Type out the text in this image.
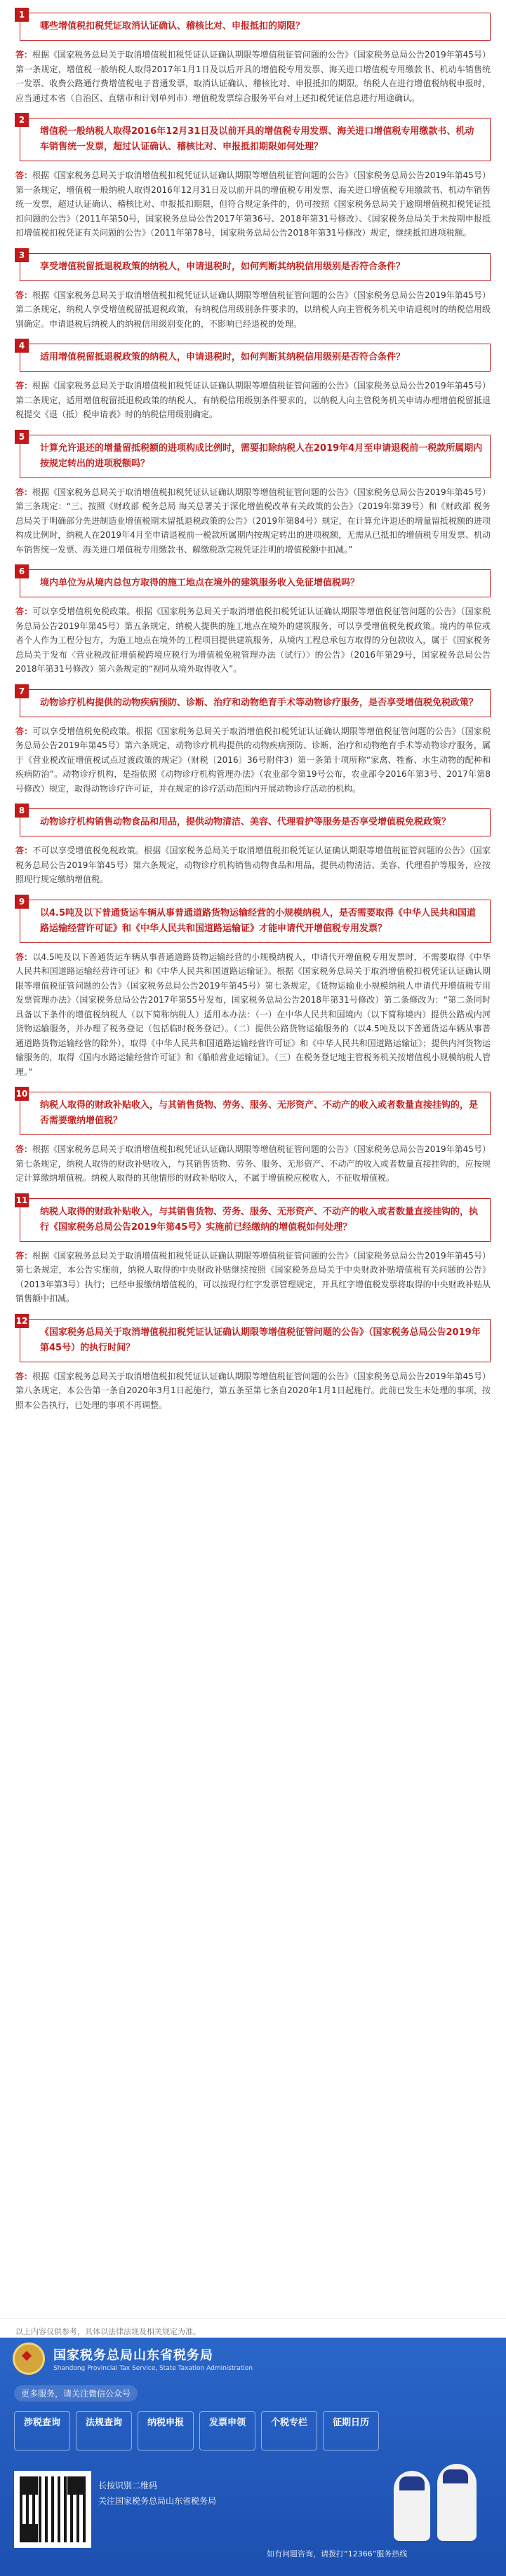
1
哪些增值税扣税凭证取消认证确认、稽核比对、申报抵扣的期限？

答：根据《国家税务总局关于取消增值税扣税凭证认证确认期限等增值税征管问题的公告》（国家税务总局公告2019年第45号）第一条规定，增值税一般纳税人取得2017年1月1日及以后开具的增值税专用发票、海关进口增值税专用缴款书、机动车销售统一发票、收费公路通行费增值税电子普通发票，取消认证确认、稽核比对、申报抵扣的期限。纳税人在进行增值税纳税申报时，应当通过本省（自治区、直辖市和计划单列市）增值税发票综合服务平台对上述扣税凭证信息进行用途确认。

2
增值税一般纳税人取得2016年12月31日及以前开具的增值税专用发票、海关进口增值税专用缴款书、机动车销售统一发票，超过认证确认、稽核比对、申报抵扣期限如何处理？

答：根据《国家税务总局关于取消增值税扣税凭证认证确认期限等增值税征管问题的公告》（国家税务总局公告2019年第45号）第一条规定，增值税一般纳税人取得2016年12月31日及以前开具的增值税专用发票、海关进口增值税专用缴款书、机动车销售统一发票，超过认证确认、稽核比对、申报抵扣期限，但符合规定条件的，仍可按照《国家税务总局关于逾期增值税扣税凭证抵扣问题的公告》（2011年第50号，国家税务总局公告2017年第36号、2018年第31号修改）、《国家税务总局关于未按期申报抵扣增值税扣税凭证有关问题的公告》（2011年第78号，国家税务总局公告2018年第31号修改）规定，继续抵扣进项税额。

3
享受增值税留抵退税政策的纳税人，申请退税时，如何判断其纳税信用级别是否符合条件？

答：根据《国家税务总局关于取消增值税扣税凭证认证确认期限等增值税征管问题的公告》（国家税务总局公告2019年第45号）第二条规定，纳税人享受增值税留抵退税政策，有纳税信用级别条件要求的，以纳税人向主管税务机关申请退税时的纳税信用级别确定。申请退税后纳税人的纳税信用级别变化的，不影响已经退税的处理。

4
适用增值税留抵退税政策的纳税人，申请退税时，如何判断其纳税信用级别是否符合条件？

答：根据《国家税务总局关于取消增值税扣税凭证认证确认期限等增值税征管问题的公告》（国家税务总局公告2019年第45号）第二条规定，适用增值税留抵退税政策的纳税人，有纳税信用级别条件要求的，以纳税人向主管税务机关申请办理增值税留抵退税提交《退（抵）税申请表》时的纳税信用级别确定。

5
计算允许退还的增量留抵税额的进项构成比例时，需要扣除纳税人在2019年4月至申请退税前一税款所属期内按规定转出的进项税额吗？

答：根据《国家税务总局关于取消增值税扣税凭证认证确认期限等增值税征管问题的公告》（国家税务总局公告2019年第45号）第三条规定：“三、按照《财政部 税务总局 海关总署关于深化增值税改革有关政策的公告》（2019年第39号）和《财政部 税务总局关于明确部分先进制造业增值税期末留抵退税政策的公告》（2019年第84号）规定，在计算允许退还的增量留抵税额的进项构成比例时，纳税人在2019年4月至申请退税前一税款所属期内按规定转出的进项税额，无需从已抵扣的增值税专用发票、机动车销售统一发票、海关进口增值税专用缴款书、解缴税款完税凭证注明的增值税额中扣减。”

6
境内单位为从境内总包方取得的施工地点在境外的建筑服务收入免征增值税吗？

答：可以享受增值税免税政策。根据《国家税务总局关于取消增值税扣税凭证认证确认期限等增值税征管问题的公告》（国家税务总局公告2019年第45号）第五条规定，纳税人提供的施工地点在境外的建筑服务，可以享受增值税免税政策。境内的单位或者个人作为工程分包方，为施工地点在境外的工程项目提供建筑服务，从境内工程总承包方取得的分包款收入，属于《国家税务总局关于发布〈营业税改征增值税跨境应税行为增值税免税管理办法（试行）〉的公告》（2016年第29号，国家税务总局公告2018年第31号修改）第六条规定的“视同从境外取得收入”。

7
动物诊疗机构提供的动物疾病预防、诊断、治疗和动物绝育手术等动物诊疗服务，是否享受增值税免税政策？

答：可以享受增值税免税政策。根据《国家税务总局关于取消增值税扣税凭证认证确认期限等增值税征管问题的公告》（国家税务总局公告2019年第45号）第六条规定，动物诊疗机构提供的动物疾病预防、诊断、治疗和动物绝育手术等动物诊疗服务，属于《营业税改征增值税试点过渡政策的规定》（财税〔2016〕36号附件3）第一条第十项所称“家禽、牲畜、水生动物的配种和疾病防治”。动物诊疗机构，是指依照《动物诊疗机构管理办法》（农业部令第19号公布，农业部令2016年第3号、2017年第8号修改）规定，取得动物诊疗许可证，并在规定的诊疗活动范围内开展动物诊疗活动的机构。

8
动物诊疗机构销售动物食品和用品，提供动物清洁、美容、代理看护等服务是否享受增值税免税政策？

答：不可以享受增值税免税政策。根据《国家税务总局关于取消增值税扣税凭证认证确认期限等增值税征管问题的公告》（国家税务总局公告2019年第45号）第六条规定，动物诊疗机构销售动物食品和用品，提供动物清洁、美容、代理看护等服务，应按照现行规定缴纳增值税。

9
以4.5吨及以下普通货运车辆从事普通道路货物运输经营的小规模纳税人，是否需要取得《中华人民共和国道路运输经营许可证》和《中华人民共和国道路运输证》才能申请代开增值税专用发票？

答：以4.5吨及以下普通货运车辆从事普通道路货物运输经营的小规模纳税人，申请代开增值税专用发票时，不需要取得《中华人民共和国道路运输经营许可证》和《中华人民共和国道路运输证》。根据《国家税务总局关于取消增值税扣税凭证认证确认期限等增值税征管问题的公告》（国家税务总局公告2019年第45号）第七条规定，《货物运输业小规模纳税人申请代开增值税专用发票管理办法》（国家税务总局公告2017年第55号发布，国家税务总局公告2018年第31号修改）第二条修改为：“第二条同时具备以下条件的增值税纳税人（以下简称纳税人）适用本办法：（一）在中华人民共和国境内（以下简称境内）提供公路或内河货物运输服务，并办理了税务登记（包括临时税务登记）。（二）提供公路货物运输服务的（以4.5吨及以下普通货运车辆从事普通道路货物运输经营的除外），取得《中华人民共和国道路运输经营许可证》和《中华人民共和国道路运输证》；提供内河货物运输服务的，取得《国内水路运输经营许可证》和《船舶营业运输证》。（三）在税务登记地主管税务机关按增值税小规模纳税人管理。”

10
纳税人取得的财政补贴收入，与其销售货物、劳务、服务、无形资产、不动产的收入或者数量直接挂钩的，是否需要缴纳增值税？

答：根据《国家税务总局关于取消增值税扣税凭证认证确认期限等增值税征管问题的公告》（国家税务总局公告2019年第45号）第七条规定，纳税人取得的财政补贴收入，与其销售货物、劳务、服务、无形资产、不动产的收入或者数量直接挂钩的，应按规定计算缴纳增值税。纳税人取得的其他情形的财政补贴收入，不属于增值税应税收入，不征收增值税。

11
纳税人取得的财政补贴收入，与其销售货物、劳务、服务、无形资产、不动产的收入或者数量直接挂钩的，执行《国家税务总局公告2019年第45号》实施前已经缴纳的增值税如何处理？

答：根据《国家税务总局关于取消增值税扣税凭证认证确认期限等增值税征管问题的公告》（国家税务总局公告2019年第45号）第七条规定，本公告实施前，纳税人取得的中央财政补贴继续按照《国家税务总局关于中央财政补贴增值税有关问题的公告》（2013年第3号）执行；已经申报缴纳增值税的，可以按现行红字发票管理规定，开具红字增值税发票将取得的中央财政补贴从销售额中扣减。

12
《国家税务总局关于取消增值税扣税凭证认证确认期限等增值税征管问题的公告》（国家税务总局公告2019年第45号）的执行时间？

答：根据《国家税务总局关于取消增值税扣税凭证认证确认期限等增值税征管问题的公告》（国家税务总局公告2019年第45号）第八条规定，本公告第一条自2020年3月1日起施行，第五条至第七条自2020年1月1日起施行。此前已发生未处理的事项，按照本公告执行，已处理的事项不再调整。

以上内容仅供参考，具体以法律法规及相关规定为准。
国家税务总局山东省税务局
Shandong Provincial Tax Service, State Taxation Administration
更多服务，请关注微信公众号
涉税查询	法规查询	纳税申报	发票申领	个税专栏	征期日历
长按识别二维码
关注国家税务总局山东省税务局
如有问题咨询，请拨打“12366”服务热线
